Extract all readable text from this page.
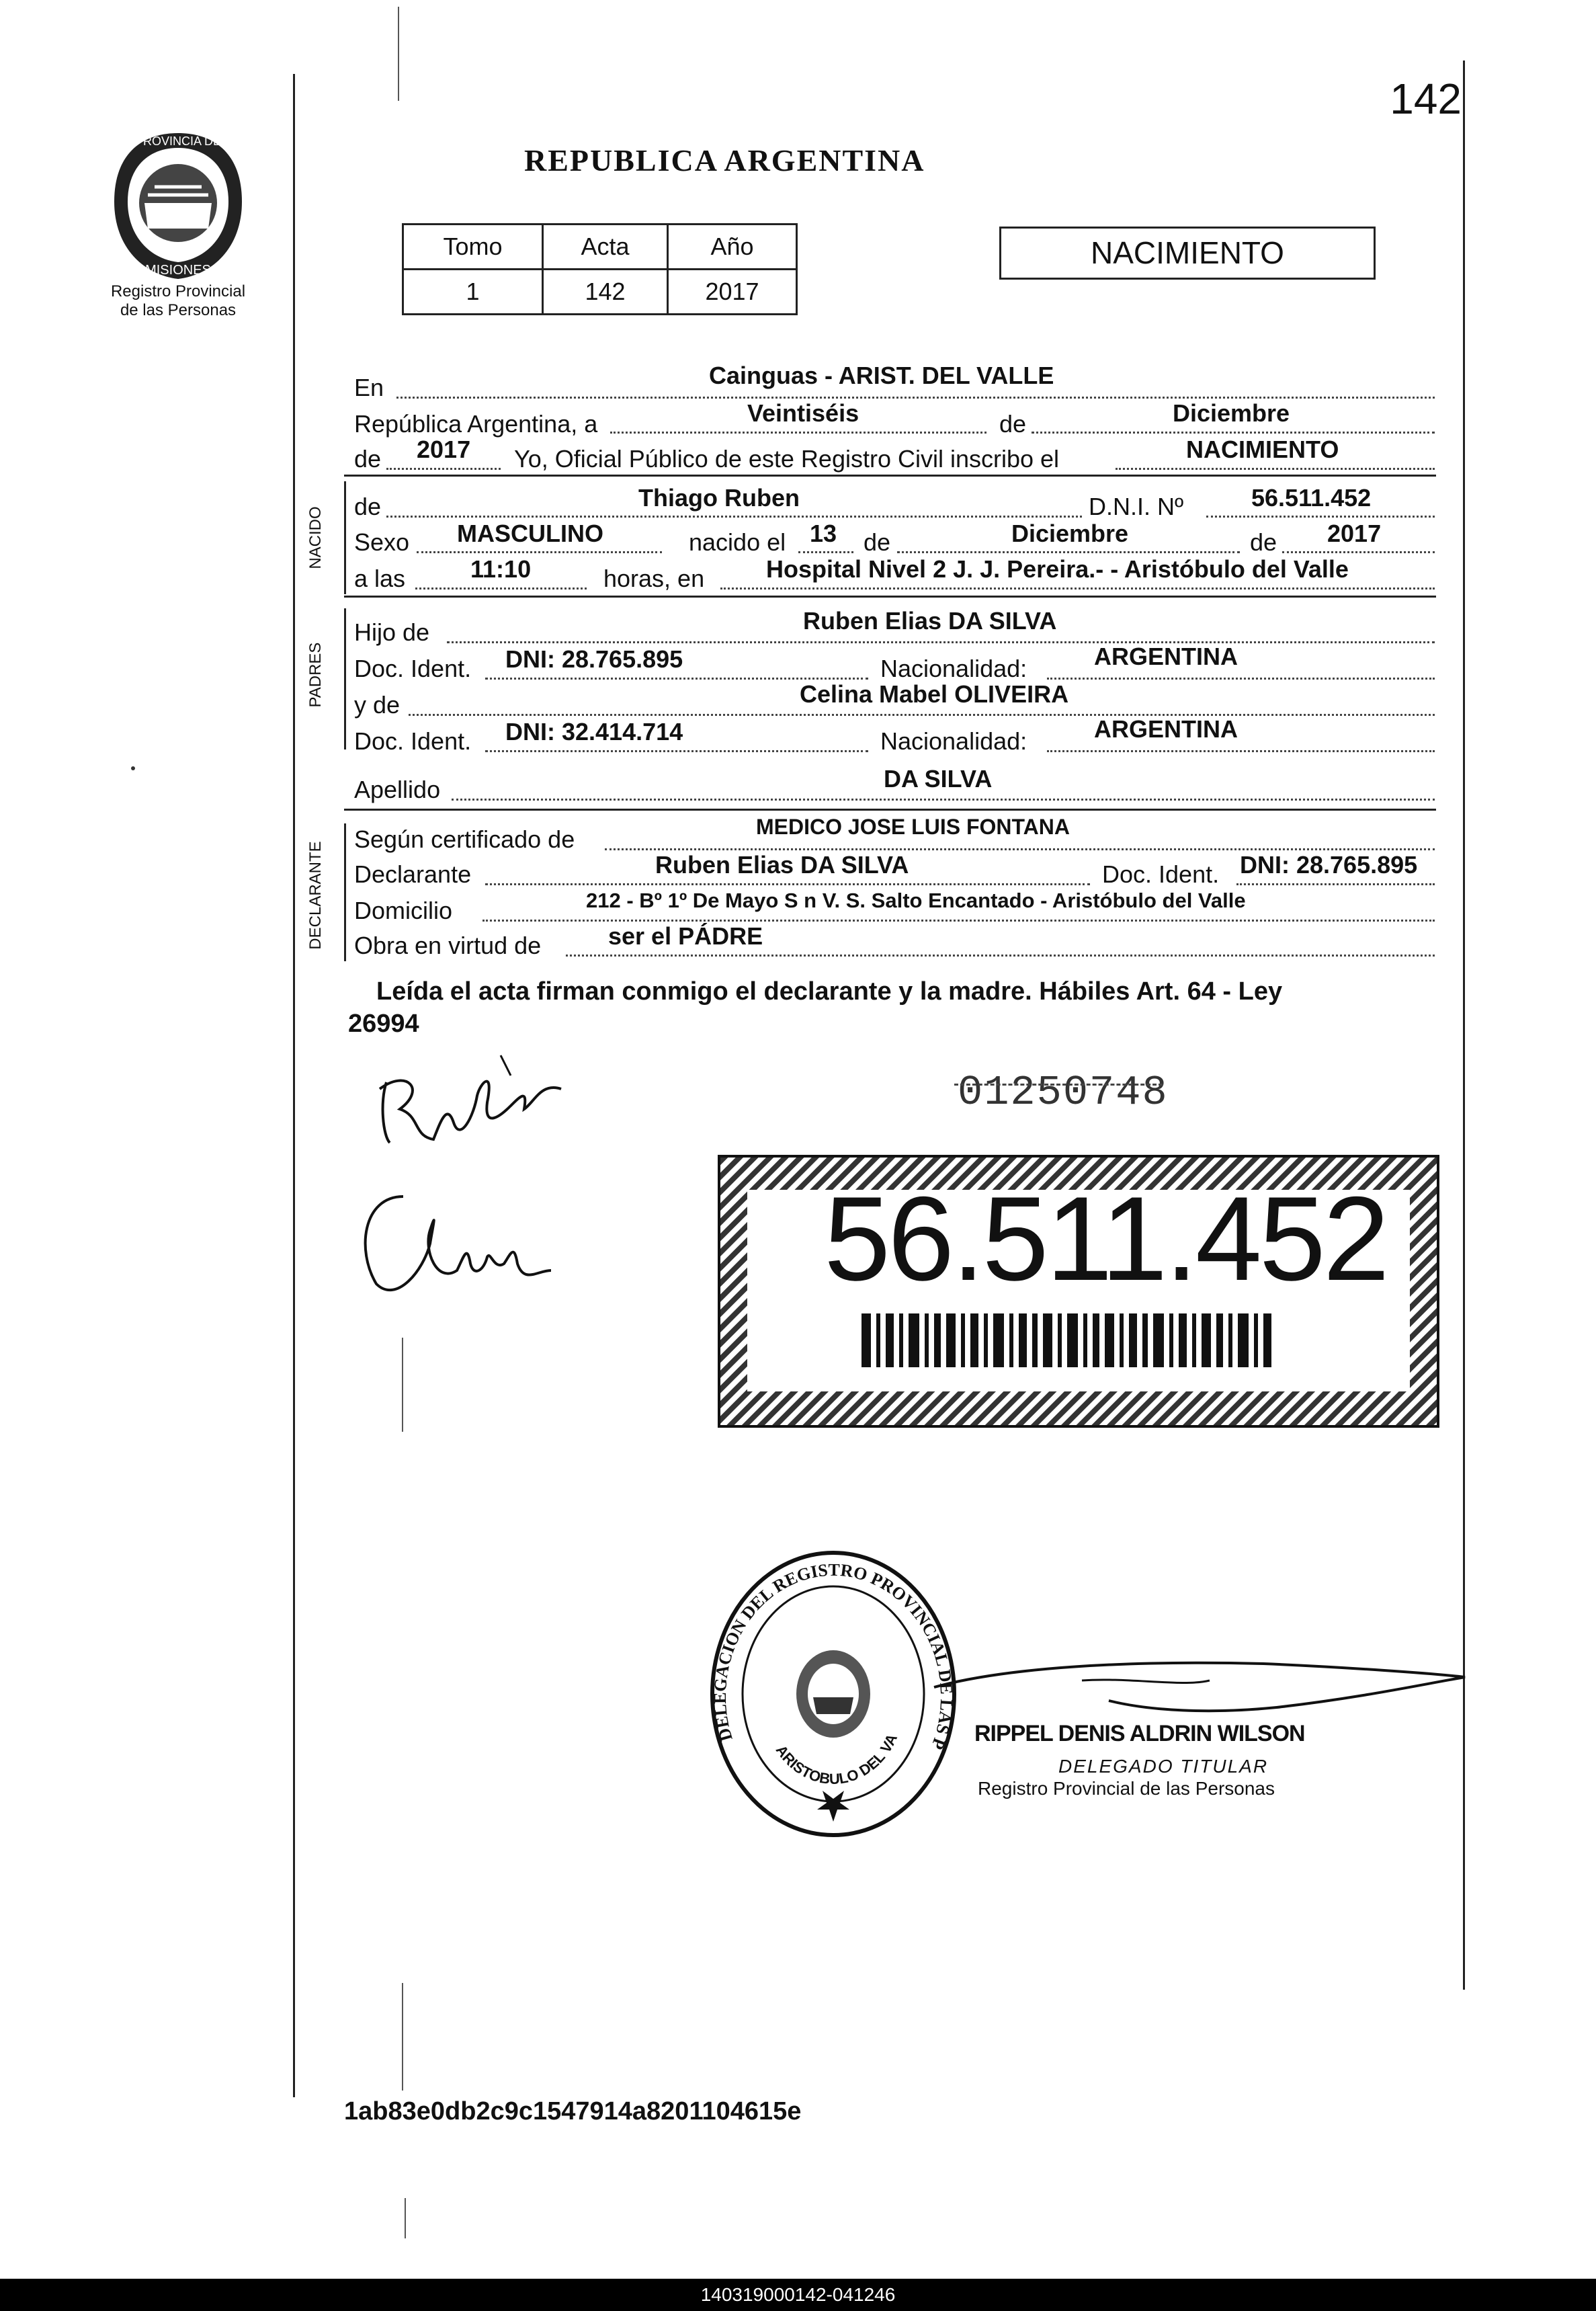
PROVINCIA DE
MISIONES
Registro Provincial
de las Personas
142
REPUBLICA ARGENTINA
Tomo	Acta	Año
1	142	2017
NACIMIENTO
En	Cainguas - ARIST. DEL VALLE
República Argentina, a	Veintiséis	de	Diciembre
de 2017 Yo, Oficial Público de este Registro Civil inscribo el	NACIMIENTO
NACIDO de	Thiago Ruben	D.N.I. Nº	56.511.452
Sexo MASCULINO	nacido el 13 de	Diciembre	de 2017
a las	11:10	horas, en	Hospital Nivel 2 J. J. Pereira.- - Aristóbulo del Valle
PADRES
Hijo de	Ruben Elias DA SILVA
Doc. Ident. DNI: 28.765.895	Nacionalidad:	ARGENTINA
y de	Celina Mabel OLIVEIRA
Doc. Ident. DNI: 32.414.714	Nacionalidad:	ARGENTINA
Apellido	DA SILVA
DECLARANTE
Según certificado de	MEDICO JOSE LUIS FONTANA
Declarante	Ruben Elias DA SILVA	Doc. Ident. DNI: 28.765.895
Domicilio	212 - Bº 1º De Mayo S n V. S. Salto Encantado - Aristóbulo del Valle
Obra en virtud de	ser el PÁDRE
Leída el acta firman conmigo el declarante y la madre. Hábiles Art. 64 - Ley
26994
01250748
56.511.452
DELEGACION DEL REGISTRO PROVINCIAL DE LAS P
ARISTOBULO DEL VA	RIPPEL DENIS ALDRIN WILSON
DELEGADO TITULAR
Registro Provincial de las Personas
1ab83e0db2c9c1547914a8201104615e
140319000142-041246
